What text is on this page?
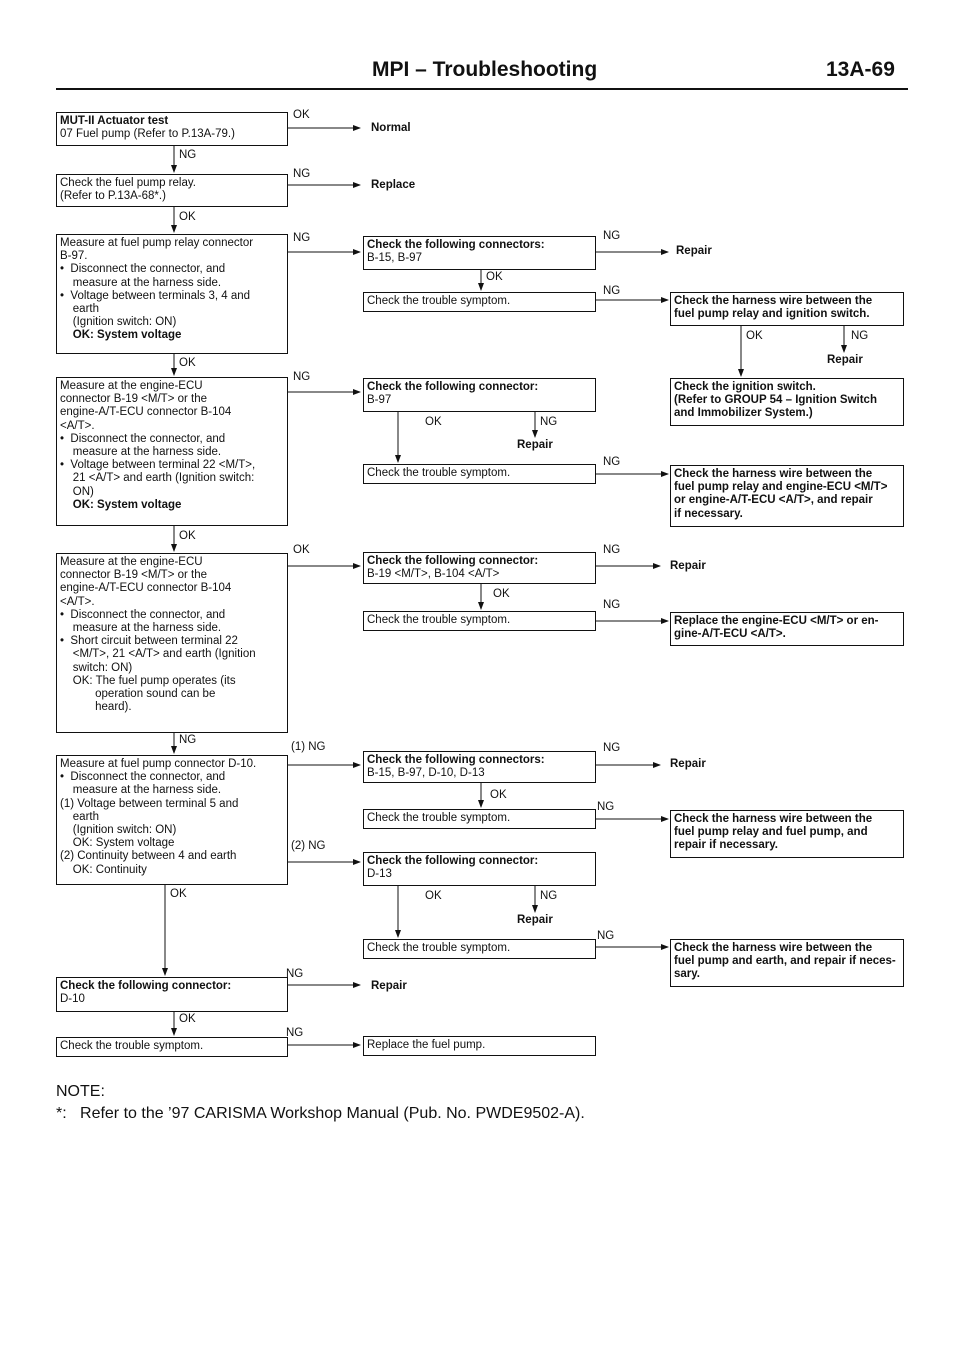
MPI – Troubleshooting	13A-69
MUT-II Actuator test
07 Fuel pump (Refer to P.13A-79.)
Check the fuel pump relay.
(Refer to P.13A-68*.)
Measure at fuel pump relay connector
B-97.
•  Disconnect the connector, and
measure at the harness side.
•  Voltage between terminals 3, 4 and
earth
(Ignition switch: ON)
OK: System voltage
Measure at the engine-ECU
connector B-19 <M/T> or the
engine-A/T-ECU connector B-104
<A/T>.
•  Disconnect the connector, and
measure at the harness side.
•  Voltage between terminal 22 <M/T>,
21 <A/T> and earth (Ignition switch:
ON)
OK: System voltage
Measure at the engine-ECU
connector B-19 <M/T> or the
engine-A/T-ECU connector B-104
<A/T>.
•  Disconnect the connector, and
measure at the harness side.
•  Short circuit between terminal 22
<M/T>, 21 <A/T> and earth (Ignition
switch: ON)
OK: The fuel pump operates (its
operation sound can be
heard).
Measure at fuel pump connector D-10.
•  Disconnect the connector, and
measure at the harness side.
(1) Voltage between terminal 5 and
earth
(Ignition switch: ON)
OK: System voltage
(2) Continuity between 4 and earth
OK: Continuity
Check the following connector:
D-10
Check the trouble symptom.
Check the following connectors:
B-15, B-97
Check the trouble symptom.
Check the following connector:
B-97
Check the trouble symptom.
Check the following connector:
B-19 <M/T>, B-104 <A/T>
Check the trouble symptom.
Check the following connectors:
B-15, B-97, D-10, D-13
Check the trouble symptom.
Check the following connector:
D-13
Check the trouble symptom.
Replace the fuel pump.
Check the harness wire between the
fuel pump relay and ignition switch.
Check the ignition switch.
(Refer to GROUP 54 – Ignition Switch
and Immobilizer System.)
Check the harness wire between the
fuel pump relay and engine-ECU <M/T>
or engine-A/T-ECU <A/T>, and repair
if necessary.
Replace the engine-ECU <M/T> or en-
gine-A/T-ECU <A/T>.
Check the harness wire between the
fuel pump relay and fuel pump, and
repair if necessary.
Check the harness wire between the
fuel pump and earth, and repair if neces-
sary.
NG
OK
OK
OK
NG
OK
OK
OK
Normal
NG
Replace
NG
NG
OK
(1) NG
(2) NG
NG
Repair
NG
OK
OK	NG
Repair
OK
OK
OK	NG
Repair
NG
Repair
NG
NG
NG
Repair
NG
NG
Repair
NG
NG
OK	NG
Repair
NOTE:
*:   Refer to the ’97 CARISMA Workshop Manual (Pub. No. PWDE9502-A).
